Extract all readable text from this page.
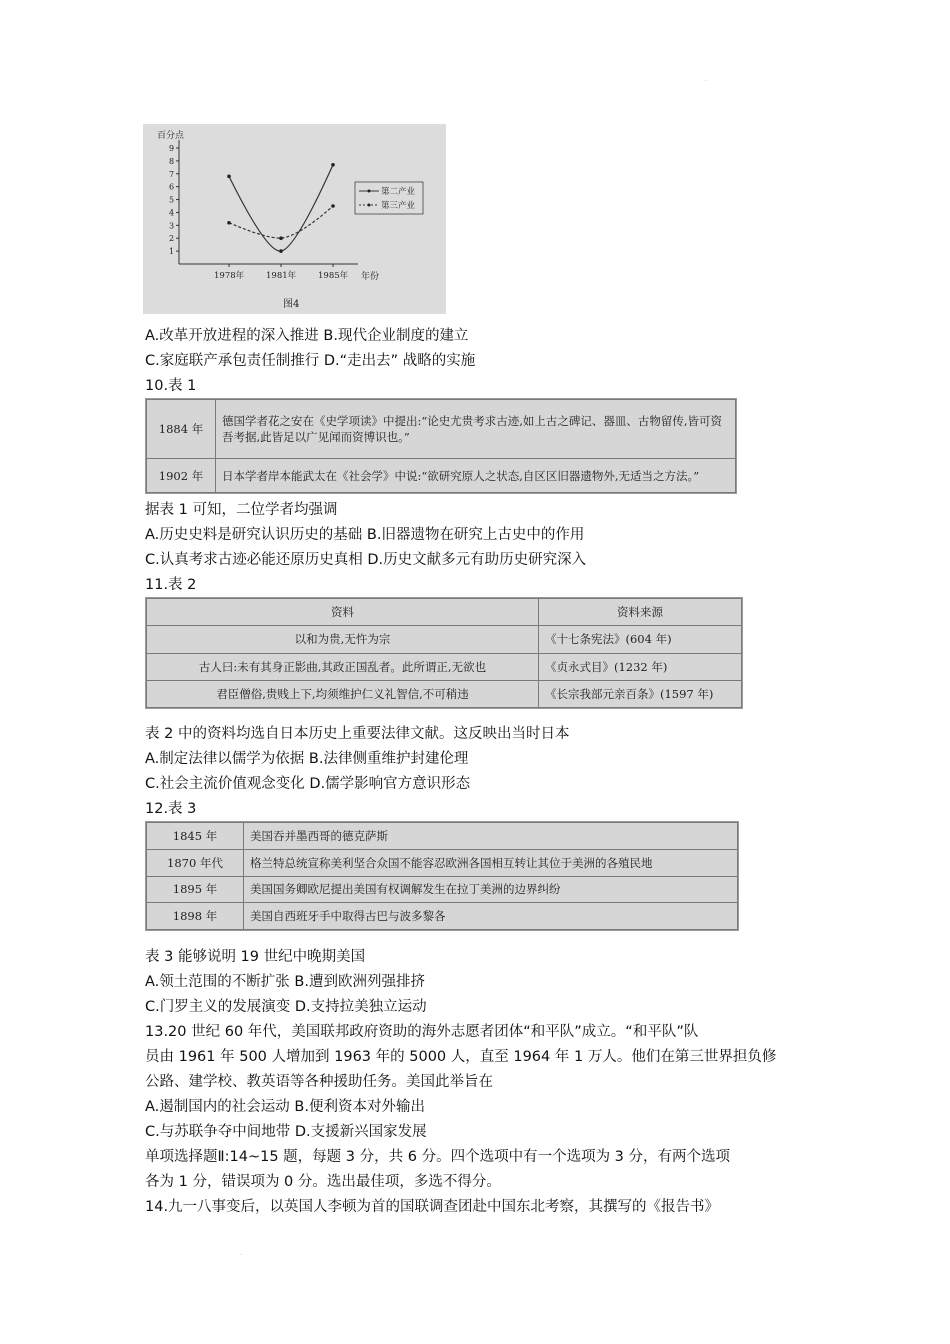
.
百分点
年份
图4
1
2
3
4
5
6
7
8
9
1978年	1981年	1985年
第二产业
第三产业
A.改革开放进程的深入推进 B.现代企业制度的建立
C.家庭联产承包责任制推行 D.“走出去” 战略的实施
10.表 1
1884 年	德国学者花之安在《史学项读》中提出:“论史尤贵考求古迹,如上古之碑记、器皿、古物留传,皆可资吾考据,此皆足以广见闻而资博识也。”
1902 年	日本学者岸本能武太在《社会学》中说:“欲研究原人之状态,自区区旧器遗物外,无适当之方法。”
据表 1 可知，二位学者均强调
A.历史史料是研究认识历史的基础 B.旧器遗物在研究上古史中的作用
C.认真考求古迹必能还原历史真相 D.历史文献多元有助历史研究深入
11.表 2
资料	资料来源
以和为贵,无忤为宗	《十七条宪法》(604 年)
古人曰:未有其身正影曲,其政正国乱者。此所谓正,无欲也	《贞永式目》(1232 年)
君臣僧俗,贵贱上下,均须维护仁义礼智信,不可稍违	《长宗我部元亲百条》(1597 年)
表 2 中的资料均选自日本历史上重要法律文献。这反映出当时日本
A.制定法律以儒学为依据 B.法律侧重维护封建伦理
C.社会主流价值观念变化 D.儒学影响官方意识形态
12.表 3
1845 年	美国吞并墨西哥的德克萨斯
1870 年代	格兰特总统宣称美利坚合众国不能容忍欧洲各国相互转让其位于美洲的各殖民地
1895 年	美国国务卿欧尼提出美国有权调解发生在拉丁美洲的边界纠纷
1898 年	美国自西班牙手中取得古巴与波多黎各
表 3 能够说明 19 世纪中晚期美国
A.领土范围的不断扩张 B.遭到欧洲列强排挤
C.门罗主义的发展演变 D.支持拉美独立运动
13.20 世纪 60 年代，美国联邦政府资助的海外志愿者团体“和平队”成立。“和平队”队
员由 1961 年 500 人增加到 1963 年的 5000 人，直至 1964 年 1 万人。他们在第三世界担负修
公路、建学校、教英语等各种援助任务。美国此举旨在
A.遏制国内的社会运动 B.便利资本对外输出
C.与苏联争夺中间地带 D.支援新兴国家发展
单项选择题Ⅱ:14~15 题，每题 3 分，共 6 分。四个选项中有一个选项为 3 分，有两个选项
各为 1 分，错误项为 0 分。选出最佳项，多选不得分。
14.九一八事变后，以英国人李顿为首的国联调查团赴中国东北考察，其撰写的《报告书》
.
